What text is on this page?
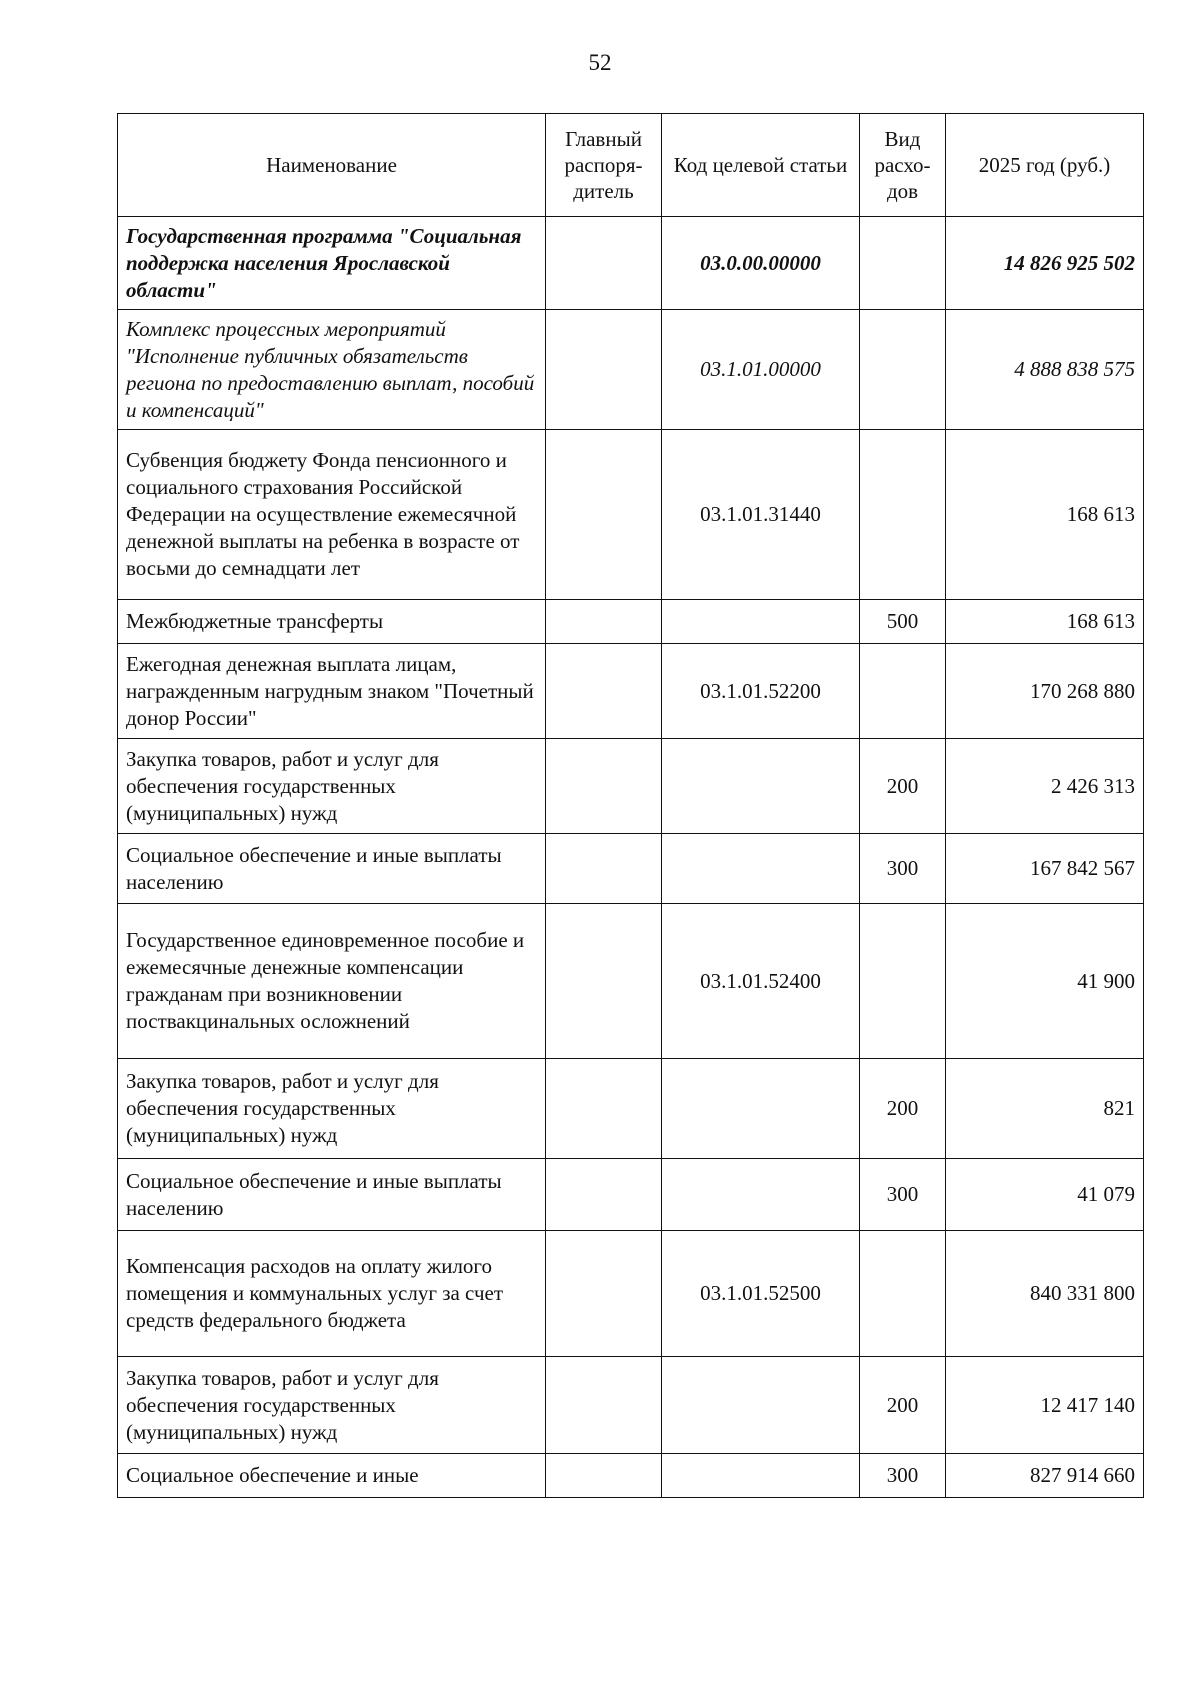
52
Наименование	Главный распоря-дитель	Код целевой статьи	Вид расхо-дов	2025 год (руб.)
Государственная программа "Социальная поддержка населения Ярославской области"		03.0.00.00000		14 826 925 502
Комплекс процессных мероприятий "Исполнение публичных обязательств региона по предоставлению выплат, пособий и компенсаций"		03.1.01.00000		4 888 838 575
Субвенция бюджету Фонда пенсионного и социального страхования Российской Федерации на осуществление ежемесячной денежной выплаты на ребенка в возрасте от восьми до семнадцати лет		03.1.01.31440		168 613
Межбюджетные трансферты			500	168 613
Ежегодная денежная выплата лицам, награжденным нагрудным знаком "Почетный донор России"		03.1.01.52200		170 268 880
Закупка товаров, работ и услуг для обеспечения государственных (муниципальных) нужд			200	2 426 313
Социальное обеспечение и иные выплаты населению			300	167 842 567
Государственное единовременное пособие и ежемесячные денежные компенсации гражданам при возникновении поствакцинальных осложнений		03.1.01.52400		41 900
Закупка товаров, работ и услуг для обеспечения государственных (муниципальных) нужд			200	821
Социальное обеспечение и иные выплаты населению			300	41 079
Компенсация расходов на оплату жилого помещения и коммунальных услуг за счет средств федерального бюджета		03.1.01.52500		840 331 800
Закупка товаров, работ и услуг для обеспечения государственных (муниципальных) нужд			200	12 417 140
Социальное обеспечение и иные			300	827 914 660
